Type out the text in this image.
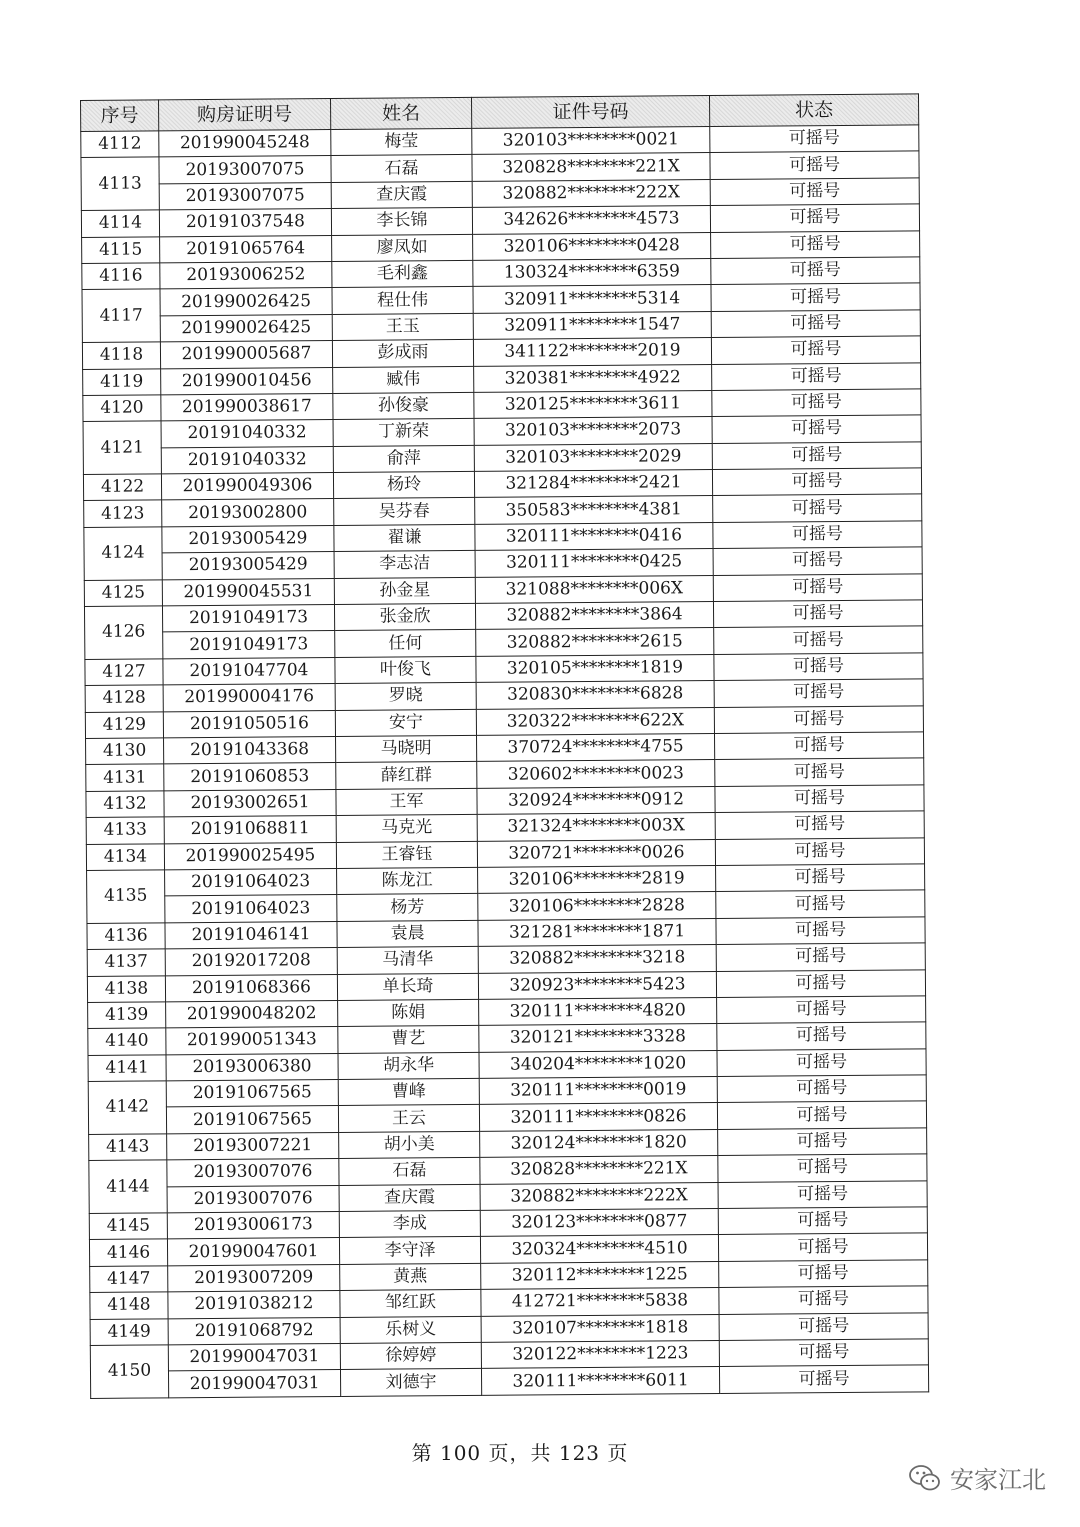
序号	购房证明号	姓名	证件号码	状态
4112	201990045248	梅莹	320103********0021	可摇号
4113	20193007075	石磊	320828********221X	可摇号
	20193007075	查庆霞	320882********222X	可摇号
4114	20191037548	李长锦	342626********4573	可摇号
4115	20191065764	廖凤如	320106********0428	可摇号
4116	20193006252	毛利鑫	130324********6359	可摇号
4117	201990026425	程仕伟	320911********5314	可摇号
	201990026425	王玉	320911********1547	可摇号
4118	201990005687	彭成雨	341122********2019	可摇号
4119	201990010456	臧伟	320381********4922	可摇号
4120	201990038617	孙俊豪	320125********3611	可摇号
4121	20191040332	丁新荣	320103********2073	可摇号
	20191040332	俞萍	320103********2029	可摇号
4122	201990049306	杨玲	321284********2421	可摇号
4123	20193002800	吴芬春	350583********4381	可摇号
4124	20193005429	翟谦	320111********0416	可摇号
	20193005429	李志洁	320111********0425	可摇号
4125	201990045531	孙金星	321088********006X	可摇号
4126	20191049173	张金欣	320882********3864	可摇号
	20191049173	任何	320882********2615	可摇号
4127	20191047704	叶俊飞	320105********1819	可摇号
4128	201990004176	罗晓	320830********6828	可摇号
4129	20191050516	安宁	320322********622X	可摇号
4130	20191043368	马晓明	370724********4755	可摇号
4131	20191060853	薛红群	320602********0023	可摇号
4132	20193002651	王军	320924********0912	可摇号
4133	20191068811	马克光	321324********003X	可摇号
4134	201990025495	王睿钰	320721********0026	可摇号
4135	20191064023	陈龙江	320106********2819	可摇号
	20191064023	杨芳	320106********2828	可摇号
4136	20191046141	袁晨	321281********1871	可摇号
4137	20192017208	马清华	320882********3218	可摇号
4138	20191068366	单长琦	320923********5423	可摇号
4139	201990048202	陈娟	320111********4820	可摇号
4140	201990051343	曹艺	320121********3328	可摇号
4141	20193006380	胡永华	340204********1020	可摇号
4142	20191067565	曹峰	320111********0019	可摇号
	20191067565	王云	320111********0826	可摇号
4143	20193007221	胡小美	320124********1820	可摇号
4144	20193007076	石磊	320828********221X	可摇号
	20193007076	查庆霞	320882********222X	可摇号
4145	20193006173	李成	320123********0877	可摇号
4146	201990047601	李守泽	320324********4510	可摇号
4147	20193007209	黄燕	320112********1225	可摇号
4148	20191038212	邹红跃	412721********5838	可摇号
4149	20191068792	乐树义	320107********1818	可摇号
4150	201990047031	徐婷婷	320122********1223	可摇号
	201990047031	刘德宇	320111********6011	可摇号
第 100 页，共 123 页
安家江北
